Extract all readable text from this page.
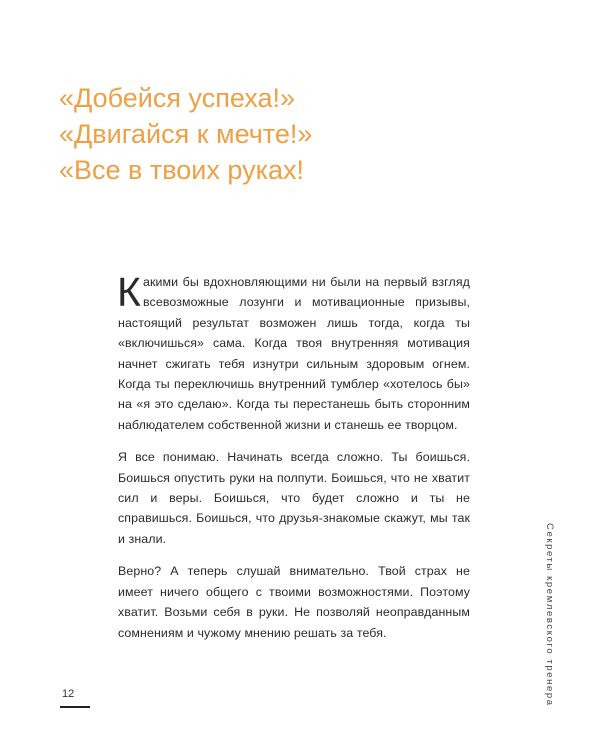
«Добейся успеха!»
«Двигайся к мечте!»
«Все в твоих руках!

Какими бы вдохновляющими ни были на первый взгляд всевозможные лозунги и мотивационные призывы, настоящий результат возможен лишь тогда, когда ты «включишься» сама. Когда твоя внутренняя мотивация начнет сжигать тебя изнутри сильным здоровым огнем. Когда ты переключишь внутренний тумблер «хотелось бы» на «я это сделаю». Когда ты перестанешь быть сторонним наблюдателем собственной жизни и станешь ее творцом.

Я все понимаю. Начинать всегда сложно. Ты боишься. Боишься опустить руки на полпути. Боишься, что не хватит сил и веры. Боишься, что будет сложно и ты не справишься. Боишься, что друзья-знакомые скажут, мы так и знали.

Верно? А теперь слушай внимательно. Твой страх не имеет ничего общего с твоими возможностями. Поэтому хватит. Возьми себя в руки. Не позволяй неоправданным сомнениям и чужому мнению решать за тебя.

12	Секреты кремлевского тренера
